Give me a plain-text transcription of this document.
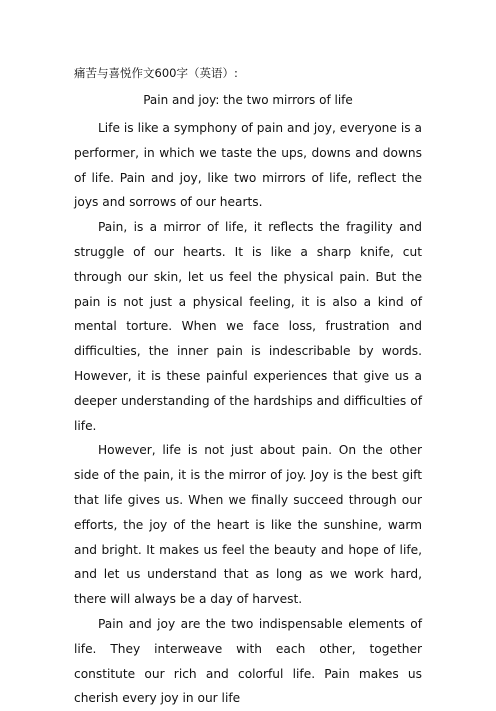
痛苦与喜悦作文600字（英语）:
Pain and joy: the two mirrors of life

Life is like a symphony of pain and joy, everyone is a performer, in which we taste the ups, downs and downs of life. Pain and joy, like two mirrors of life, reflect the joys and sorrows of our hearts.

Pain, is a mirror of life, it reflects the fragility and struggle of our hearts. It is like a sharp knife, cut through our skin, let us feel the physical pain. But the pain is not just a physical feeling, it is also a kind of mental torture. When we face loss, frustration and difficulties, the inner pain is indescribable by words. However, it is these painful experiences that give us a deeper understanding of the hardships and difficulties of life.

However, life is not just about pain. On the other side of the pain, it is the mirror of joy. Joy is the best gift that life gives us. When we finally succeed through our efforts, the joy of the heart is like the sunshine, warm and bright. It makes us feel the beauty and hope of life, and let us understand that as long as we work hard, there will always be a day of harvest.

Pain and joy are the two indispensable elements of life. They interweave with each other, together constitute our rich and colorful life. Pain makes us cherish every joy in our life
